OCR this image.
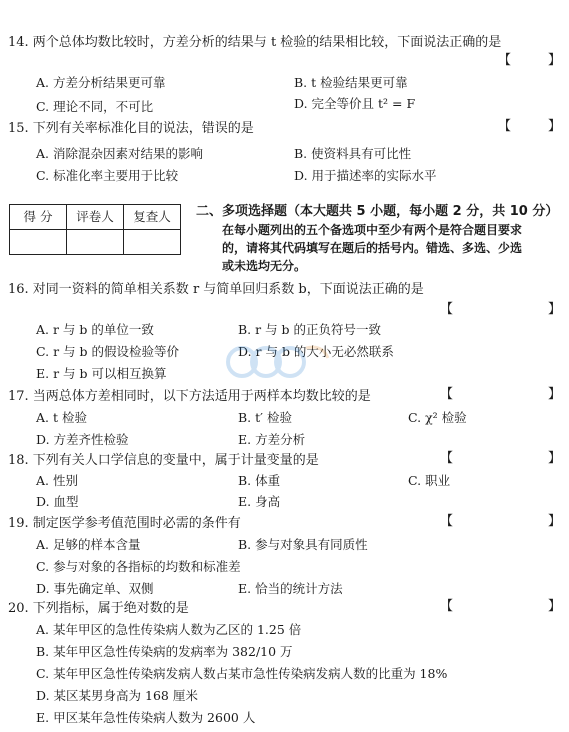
14. 两个总体均数比较时，方差分析的结果与 t 检验的结果相比较，下面说法正确的是
【	】
A. 方差分析结果更可靠	B. t 检验结果更可靠
C. 理论不同，不可比	D. 完全等价且 t² = F
15. 下列有关率标准化目的说法，错误的是	【	】
A. 消除混杂因素对结果的影响	B. 使资料具有可比性
C. 标准化率主要用于比较	D. 用于描述率的实际水平
得 分	评卷人	复查人
		二、多项选择题（本大题共 5 小题，每小题 2 分，共 10 分）
在每小题列出的五个备选项中至少有两个是符合题目要求
的，请将其代码填写在题后的括号内。错选、多选、少选
或未选均无分。
16. 对同一资料的简单相关系数 r 与简单回归系数 b，下面说法正确的是
【	】
A. r 与 b 的单位一致	B. r 与 b 的正负符号一致
C. r 与 b 的假设检验等价	D. r 与 b 的大小无必然联系
E. r 与 b 可以相互换算
17. 当两总体方差相同时，以下方法适用于两样本均数比较的是	【	】
A. t 检验	B. t′ 检验	C. χ² 检验
D. 方差齐性检验	E. 方差分析
18. 下列有关人口学信息的变量中，属于计量变量的是	【	】
A. 性别	B. 体重	C. 职业
D. 血型	E. 身高
19. 制定医学参考值范围时必需的条件有	【	】
A. 足够的样本含量	B. 参与对象具有同质性
C. 参与对象的各指标的均数和标准差
D. 事先确定单、双侧	E. 恰当的统计方法
20. 下列指标，属于绝对数的是	【	】
A. 某年甲区的急性传染病人数为乙区的 1.25 倍
B. 某年甲区急性传染病的发病率为 382/10 万
C. 某年甲区急性传染病发病人数占某市急性传染病发病人数的比重为 18%
D. 某区某男身高为 168 厘米
E. 甲区某年急性传染病人数为 2600 人
